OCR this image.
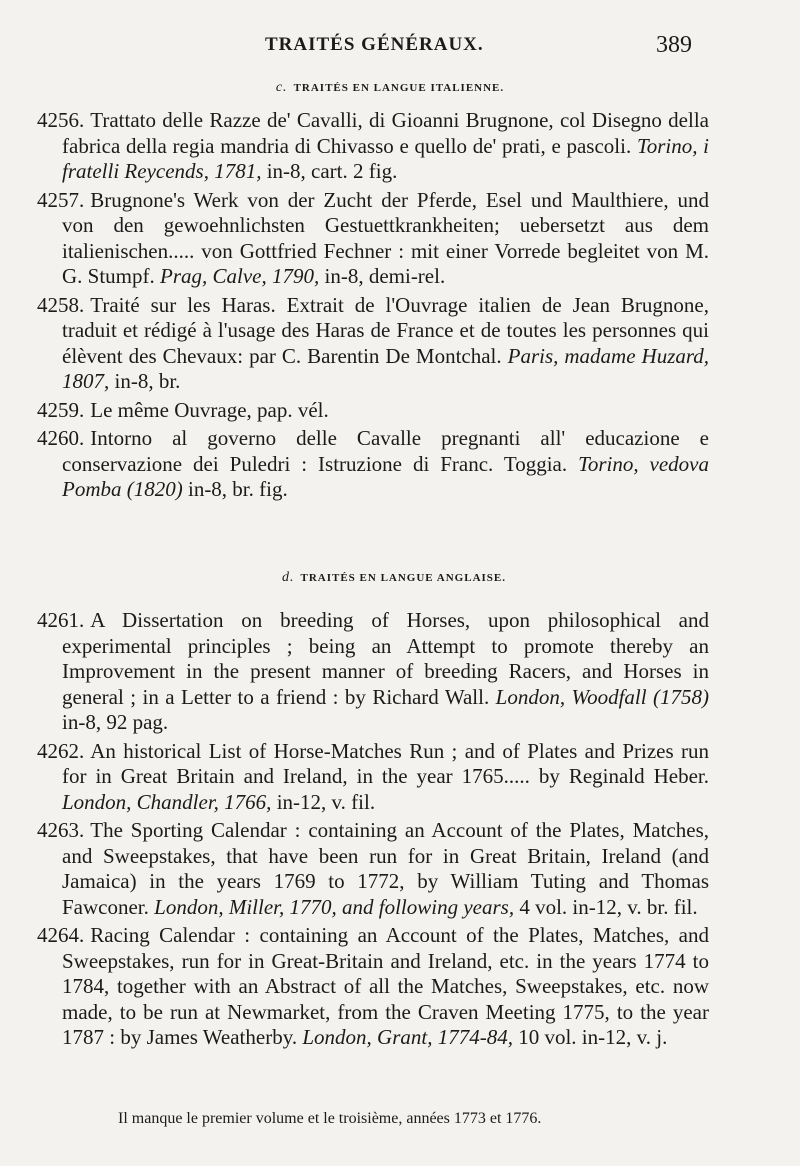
TRAITÉS GÉNÉRAUX.	389
c. TRAITÉS EN LANGUE ITALIENNE.

4256. Trattato delle Razze de' Cavalli, di Gioanni Brugnone, col Disegno della fabrica della regia mandria di Chivasso e quello de' prati, e pascoli. Torino, i fratelli Reycends, 1781, in-8, cart. 2 fig.

4257. Brugnone's Werk von der Zucht der Pferde, Esel und Maulthiere, und von den gewoehnlichsten Gestuettkrankheiten; uebersetzt aus dem italienischen..... von Gottfried Fechner : mit einer Vorrede begleitet von M. G. Stumpf. Prag, Calve, 1790, in-8, demi-rel.

4258. Traité sur les Haras. Extrait de l'Ouvrage italien de Jean Brugnone, traduit et rédigé à l'usage des Haras de France et de toutes les personnes qui élèvent des Chevaux: par C. Barentin De Montchal. Paris, madame Huzard, 1807, in-8, br.

4259. Le même Ouvrage, pap. vél.

4260. Intorno al governo delle Cavalle pregnanti all' educazione e conservazione dei Puledri : Istruzione di Franc. Toggia. Torino, vedova Pomba (1820) in-8, br. fig.

d. TRAITÉS EN LANGUE ANGLAISE.

4261. A Dissertation on breeding of Horses, upon philosophical and experimental principles ; being an Attempt to promote thereby an Improvement in the present manner of breeding Racers, and Horses in general ; in a Letter to a friend : by Richard Wall. London, Woodfall (1758) in-8, 92 pag.

4262. An historical List of Horse-Matches Run ; and of Plates and Prizes run for in Great Britain and Ireland, in the year 1765..... by Reginald Heber. London, Chandler, 1766, in-12, v. fil.

4263. The Sporting Calendar : containing an Account of the Plates, Matches, and Sweepstakes, that have been run for in Great Britain, Ireland (and Jamaica) in the years 1769 to 1772, by William Tuting and Thomas Fawconer. London, Miller, 1770, and following years, 4 vol. in-12, v. br. fil.

4264. Racing Calendar : containing an Account of the Plates, Matches, and Sweepstakes, run for in Great-Britain and Ireland, etc. in the years 1774 to 1784, together with an Abstract of all the Matches, Sweepstakes, etc. now made, to be run at Newmarket, from the Craven Meeting 1775, to the year 1787 : by James Weatherby. London, Grant, 1774-84, 10 vol. in-12, v. j.

Il manque le premier volume et le troisième, années 1773 et 1776.
